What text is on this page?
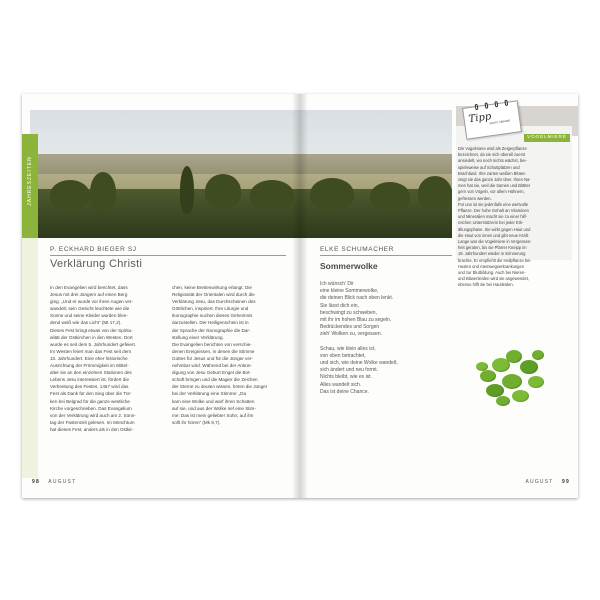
JAHRESZEITEN
P. ECKHARD BIEGER SJ
Verklärung Christi
In den Evangelien wird berichtet, dass
Jesus mit drei Jüngern auf einen Berg
ging. „Und er wurde vor ihren Augen ver-
wandelt; sein Gesicht leuchtete wie die
Sonne und seine Kleider wurden blen-
dend weiß wie das Licht“ (Mt 17,2).
Dieses Fest bringt etwas von der Spiritu-
alität der Ostkirchen in den Westen. Dort
wurde es seit dem 5. Jahrhundert gefeiert.
Im Westen feiert man das Fest seit dem
10. Jahrhundert. Eine eher historische
Ausrichtung der Frömmigkeit im Mittel-
alter sie an den einzelnen Stationen des
Lebens Jesu interessiert ist, fördert die
Verbreitung des Festes. 1457 wird das
Fest als Dank für den Sieg über die Tür-
ken bei Belgrad für die ganze westliche
Kirche vorgeschrieben. Das Evangelium
von der Verklärung wird auch am 2. Sonn-
tag der Fastenzeit gelesen. Im Mönchtum
hat dieses Fest, anders als in den Ostkir-
chen, keine Breitenwirkung erlangt. Die
Religiosität der Orientalen wird durch die
Verklärung Jesu, das Durchscheinen des
Göttlichen, inspiriert. Ihre Liturgie und
Ikonographie suchen dieses Geheimnis
darzustellen. Der Heiligenschein ist in
der Sprache der Ikonographie die Dar-
stellung einer Verklärung.
Die Evangelien berichten von verschie-
denen Ereignissen, in denen die Stimme
Gottes für Jesus und für die Jünger ver-
nehmbar wird. Während bei der Ankün-
digung von Jesu Geburt Engel die Bot-
schaft bringen und die Magier die Zeichen
der Sterne zu deuten wissen, hören die Jünger
bei der Verklärung eine Stimme: „Da
kam eine Wolke und warf ihren Schatten
auf sie, und aus der Wolke rief eine Stim-
me: Das ist mein geliebter Sohn; auf ihn
sollt ihr hören“ (Mk 9,7).
98 AUGUST
Tipp
von N. Niewolt
VOGELMIERE
Die Vogelmiere wird als Zeigerpflanze
bezeichnet, da sie sich überall zuerst
ansiedelt, wo noch nichts wächst, bei-
spielsweise auf Schuttplätzen und
Brachland. Ihre zarten weißen Blüten
zeigt sie das ganze Jahr über. Ihren Na-
men hat sie, weil die Samen und Blätter
gern von Vögeln, vor allem Hühnern,
gefressen werden.
Für uns ist sie jedenfalls eine wertvolle
Pflanze. Der hohe Gehalt an Vitaminen
und Mineralien macht sie zu einer hilf-
reichen Unterstützerin bei jeder Erk-
ältungsphase. Sie wirkt gegen Haut und
die Haut von innen und gibt neue Kraft.
Lange war die Vogelmiere in Vergessen-
heit geraten, bis sie Pfarrer Kneipp im
19. Jahrhundert wieder in Erinnerung
brachte. Er empfiehlt die Heilpflanze bei
Husten und Atemwegserkrankungen
und zur Blutbildung. Auch bei Nieren-
und Blasenleiden wird sie angewendet,
ebenso hilft sie bei Hautleiden.
ELKE SCHUMACHER
Sommerwolke
Ich wünsch' Dir
eine kleine Sommerwolke,
die deinen Blick nach oben lenkt.
Sie lässt dich ein,
beschwingt zu schweben,
mit ihr im hohen Blau zu segeln.
Bedrückendes und Sorgen
zieh' Wolken zu, vergessen.
Schau, wie klein alles ist,
von oben betrachtet,
und sich, wie deine Wolke wandelt,
sich ändert und neu formt.
Nichts bleibt, wie es ist.
Alles wandelt sich.
Das ist deine Chance.
AUGUST 99
